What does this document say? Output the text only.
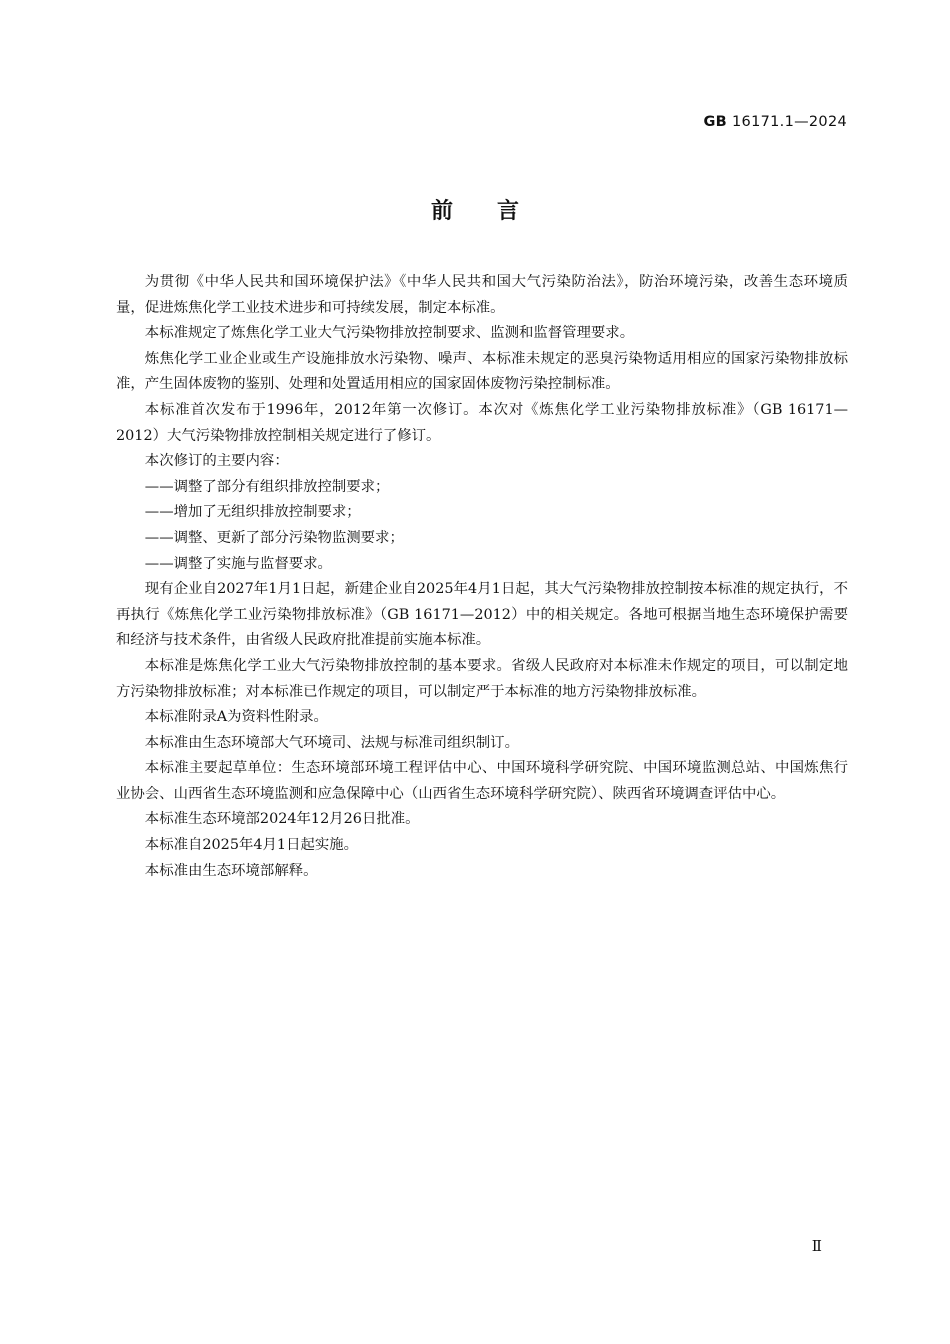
GB 16171.1—2024
前言

为贯彻《中华人民共和国环境保护法》《中华人民共和国大气污染防治法》，防治环境污染，改善生态环境质量，促进炼焦化学工业技术进步和可持续发展，制定本标准。

本标准规定了炼焦化学工业大气污染物排放控制要求、监测和监督管理要求。

炼焦化学工业企业或生产设施排放水污染物、噪声、本标准未规定的恶臭污染物适用相应的国家污染物排放标准，产生固体废物的鉴别、处理和处置适用相应的国家固体废物污染控制标准。

本标准首次发布于1996年，2012年第一次修订。本次对《炼焦化学工业污染物排放标准》（GB 16171—2012）大气污染物排放控制相关规定进行了修订。

本次修订的主要内容：

——调整了部分有组织排放控制要求；

——增加了无组织排放控制要求；

——调整、更新了部分污染物监测要求；

——调整了实施与监督要求。

现有企业自2027年1月1日起，新建企业自2025年4月1日起，其大气污染物排放控制按本标准的规定执行，不再执行《炼焦化学工业污染物排放标准》（GB 16171—2012）中的相关规定。各地可根据当地生态环境保护需要和经济与技术条件，由省级人民政府批准提前实施本标准。

本标准是炼焦化学工业大气污染物排放控制的基本要求。省级人民政府对本标准未作规定的项目，可以制定地方污染物排放标准；对本标准已作规定的项目，可以制定严于本标准的地方污染物排放标准。

本标准附录A为资料性附录。

本标准由生态环境部大气环境司、法规与标准司组织制订。

本标准主要起草单位：生态环境部环境工程评估中心、中国环境科学研究院、中国环境监测总站、中国炼焦行业协会、山西省生态环境监测和应急保障中心（山西省生态环境科学研究院）、陕西省环境调查评估中心。

本标准生态环境部2024年12月26日批准。

本标准自2025年4月1日起实施。

本标准由生态环境部解释。

Ⅱ
